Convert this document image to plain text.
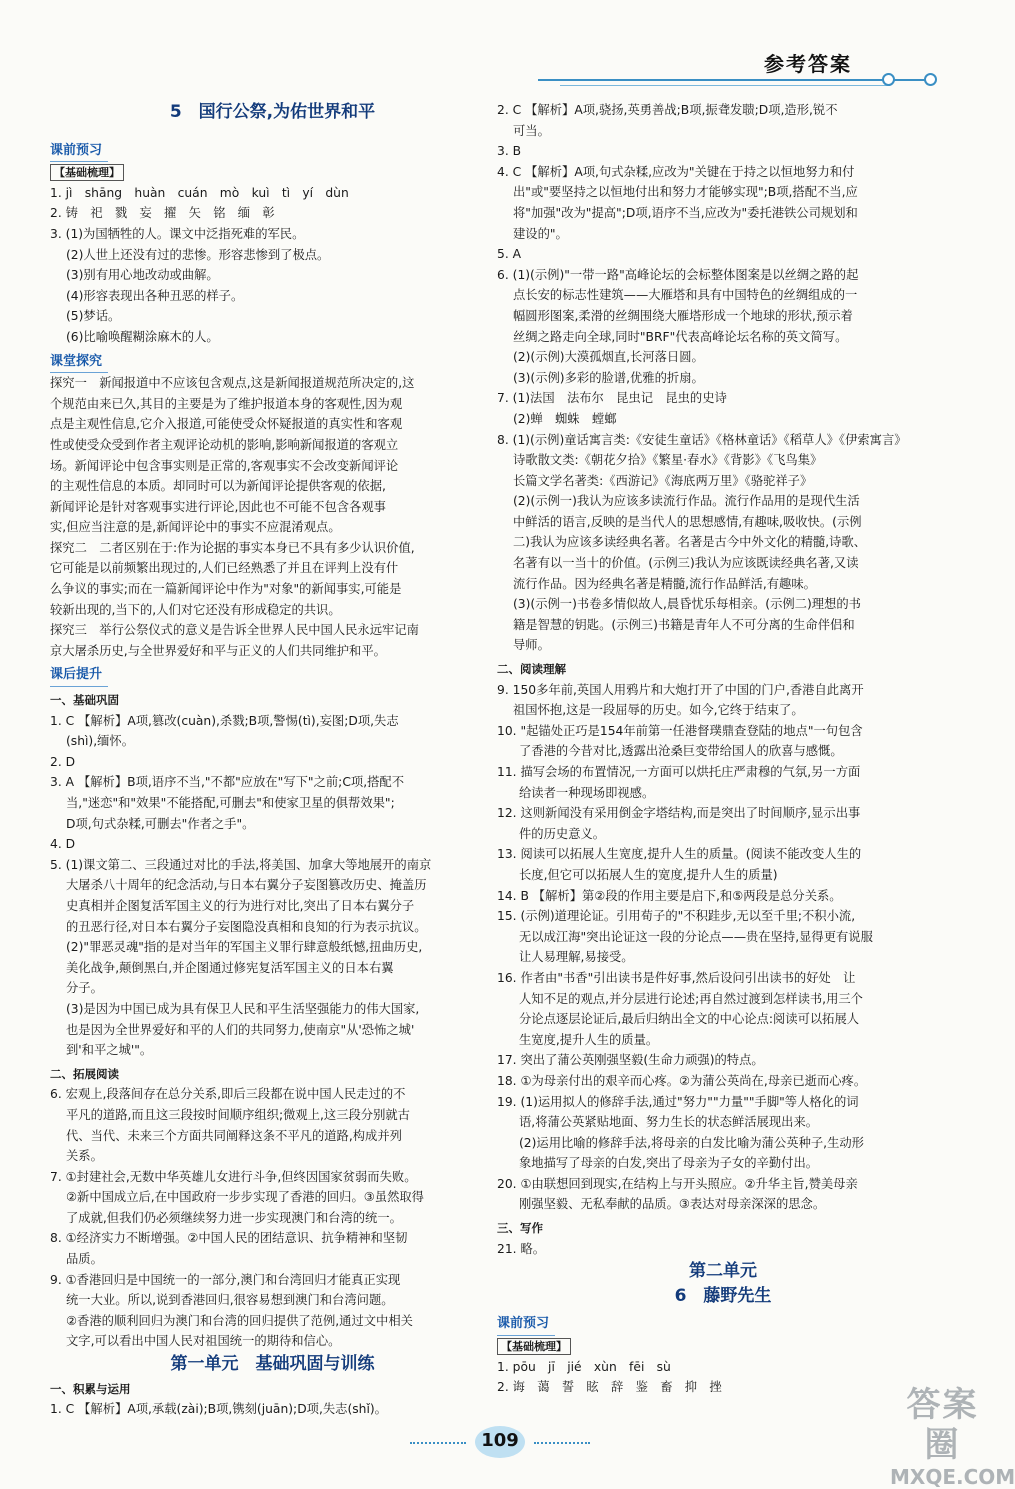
参考答案
5　国行公祭,为佑世界和平
课前预习
【基础梳理】

1. jì　shāng　huàn　cuán　mò　kuì　tì　yí　dùn

2. 铸　祀　戮　妄　擢　矢　铭　缅　彰

3. (1)为国牺牲的人。课文中泛指死难的军民。

(2)人世上还没有过的悲惨。形容悲惨到了极点。

(3)别有用心地改动或曲解。

(4)形容表现出各种丑恶的样子。

(5)梦话。

(6)比喻唤醒糊涂麻木的人。

课堂探究

探究一　新闻报道中不应该包含观点,这是新闻报道规范所决定的,这

个规范由来已久,其目的主要是为了维护报道本身的客观性,因为观

点是主观性信息,它介入报道,可能使受众怀疑报道的真实性和客观

性或使受众受到作者主观评论动机的影响,影响新闻报道的客观立

场。新闻评论中包含事实则是正常的,客观事实不会改变新闻评论

的主观性信息的本质。却同时可以为新闻评论提供客观的依据,

新闻评论是针对客观事实进行评论,因此也不可能不包含各观事

实,但应当注意的是,新闻评论中的事实不应混淆观点。

探究二　二者区别在于:作为论据的事实本身已不具有多少认识价值,

它可能是以前频繁出现过的,人们已经熟悉了并且在评判上没有什

么争议的事实;而在一篇新闻评论中作为"对象"的新闻事实,可能是

较新出现的,当下的,人们对它还没有形成稳定的共识。

探究三　举行公祭仪式的意义是告诉全世界人民中国人民永远牢记南

京大屠杀历史,与全世界爱好和平与正义的人们共同维护和平。

课后提升
一、基础巩固

1. C 【解析】A项,篡改(cuàn),杀戮;B项,警惕(tì),妄图;D项,失志

(shì),缅怀。

2. D

3. A 【解析】B项,语序不当,"不都"应放在"写下"之前;C项,搭配不

当,"迷恋"和"效果"不能搭配,可删去"和使家卫星的俱帮效果";

D项,句式杂糅,可删去"作者之手"。

4. D

5. (1)课文第二、三段通过对比的手法,将美国、加拿大等地展开的南京

大屠杀八十周年的纪念活动,与日本右翼分子妄图篡改历史、掩盖历

史真相并企图复活军国主义的行为进行对比,突出了日本右翼分子

的丑恶行径,对日本右翼分子妄图隐没真相和良知的行为表示抗议。

(2)"罪恶灵魂"指的是对当年的军国主义罪行肆意般纸憾,扭曲历史,

美化战争,颠倒黑白,并企图通过修宪复活军国主义的日本右翼

分子。

(3)是因为中国已成为具有保卫人民和平生活坚强能力的伟大国家,

也是因为全世界爱好和平的人们的共同努力,使南京"从'恐怖之城'

到'和平之城'"。

二、拓展阅读

6. 宏观上,段落间存在总分关系,即后三段都在说中国人民走过的不

平凡的道路,而且这三段按时间顺序组织;微观上,这三段分别就古

代、当代、未来三个方面共同阐释这条不平凡的道路,构成并列

关系。

7. ①封建社会,无数中华英雄儿女进行斗争,但终因国家贫弱而失败。

②新中国成立后,在中国政府一步步实现了香港的回归。③虽然取得

了成就,但我们仍必须继续努力进一步实现澳门和台湾的统一。

8. ①经济实力不断增强。②中国人民的团结意识、抗争精神和坚韧

品质。

9. ①香港回归是中国统一的一部分,澳门和台湾回归才能真正实现

统一大业。所以,说到香港回归,很容易想到澳门和台湾问题。

②香港的顺利回归为澳门和台湾的回归提供了范例,通过文中相关

文字,可以看出中国人民对祖国统一的期待和信心。

第一单元　基础巩固与训练
一、积累与运用

1. C 【解析】A项,承载(zài);B项,镌刻(juān);D项,失志(shǐ)。

2. C 【解析】A项,骁扬,英勇善战;B项,振聋发聩;D项,造形,锐不

可当。

3. B

4. C 【解析】A项,句式杂糅,应改为"关键在于持之以恒地努力和付

出"或"要坚持之以恒地付出和努力才能够实现";B项,搭配不当,应

将"加强"改为"提高";D项,语序不当,应改为"委托港铁公司规划和

建设的"。

5. A

6. (1)(示例)"一带一路"高峰论坛的会标整体图案是以丝绸之路的起

点长安的标志性建筑——大雁塔和具有中国特色的丝绸组成的一

幅圆形图案,柔滑的丝绸围绕大雁塔形成一个地球的形状,预示着

丝绸之路走向全球,同时"BRF"代表高峰论坛名称的英文简写。

(2)(示例)大漠孤烟直,长河落日圆。

(3)(示例)多彩的脸谱,优雅的折扇。

7. (1)法国　法布尔　昆虫记　昆虫的史诗

(2)蝉　蜘蛛　螳螂

8. (1)(示例)童话寓言类:《安徒生童话》《格林童话》《稻草人》《伊索寓言》

诗歌散文类:《朝花夕拾》《繁星·春水》《背影》《飞鸟集》

长篇文学名著类:《西游记》《海底两万里》《骆驼祥子》

(2)(示例一)我认为应该多读流行作品。流行作品用的是现代生活

中鲜活的语言,反映的是当代人的思想感情,有趣味,吸收快。(示例

二)我认为应该多读经典名著。名著是古今中外文化的精髓,诗歌、

名著有以一当十的价值。(示例三)我认为应该既读经典名著,又读

流行作品。因为经典名著是精髓,流行作品鲜活,有趣味。

(3)(示例一)书卷多情似故人,晨昏忧乐每相亲。(示例二)理想的书

籍是智慧的钥匙。(示例三)书籍是青年人不可分离的生命伴侣和

导师。

二、阅读理解

9. 150多年前,英国人用鸦片和大炮打开了中国的门户,香港自此离开

祖国怀抱,这是一段屈辱的历史。如今,它终于结束了。

10. "起锚处正巧是154年前第一任港督璞鼎查登陆的地点"一句包含

了香港的今昔对比,透露出沧桑巨变带给国人的欣喜与感慨。

11. 描写会场的布置情况,一方面可以烘托庄严肃穆的气氛,另一方面

给读者一种现场即视感。

12. 这则新闻没有采用倒金字塔结构,而是突出了时间顺序,显示出事

件的历史意义。

13. 阅读可以拓展人生宽度,提升人生的质量。(阅读不能改变人生的

长度,但它可以拓展人生的宽度,提升人生的质量)

14. B 【解析】第②段的作用主要是启下,和⑤两段是总分关系。

15. (示例)道理论证。引用荀子的"不积跬步,无以至千里;不积小流,

无以成江海"突出论证这一段的分论点——贵在坚持,显得更有说服

让人易理解,易接受。

16. 作者由"书香"引出读书是件好事,然后设问引出读书的好处　让

人知不足的观点,并分层进行论述;再自然过渡到怎样读书,用三个

分论点逐层论证后,最后归纳出全文的中心论点:阅读可以拓展人

生宽度,提升人生的质量。

17. 突出了蒲公英刚强坚毅(生命力顽强)的特点。

18. ①为母亲付出的艰辛而心疼。②为蒲公英尚在,母亲已逝而心疼。

19. (1)运用拟人的修辞手法,通过"努力""力量""手脚"等人格化的词

语,将蒲公英紧贴地面、努力生长的状态鲜活展现出来。

(2)运用比喻的修辞手法,将母亲的白发比喻为蒲公英种子,生动形

象地描写了母亲的白发,突出了母亲为子女的辛勤付出。

20. ①由联想回到现实,在结构上与开头照应。②升华主旨,赞美母亲

刚强坚毅、无私奉献的品质。③表达对母亲深深的思念。

三、写作

21. 略。

第二单元
6　藤野先生
课前预习
【基础梳理】

1. pōu　jī　jié　xùn　fēi　sù

2. 诲　蔼　誓　眩　辞　鉴　畜　抑　挫

109
答案圈
MXQE.COM
